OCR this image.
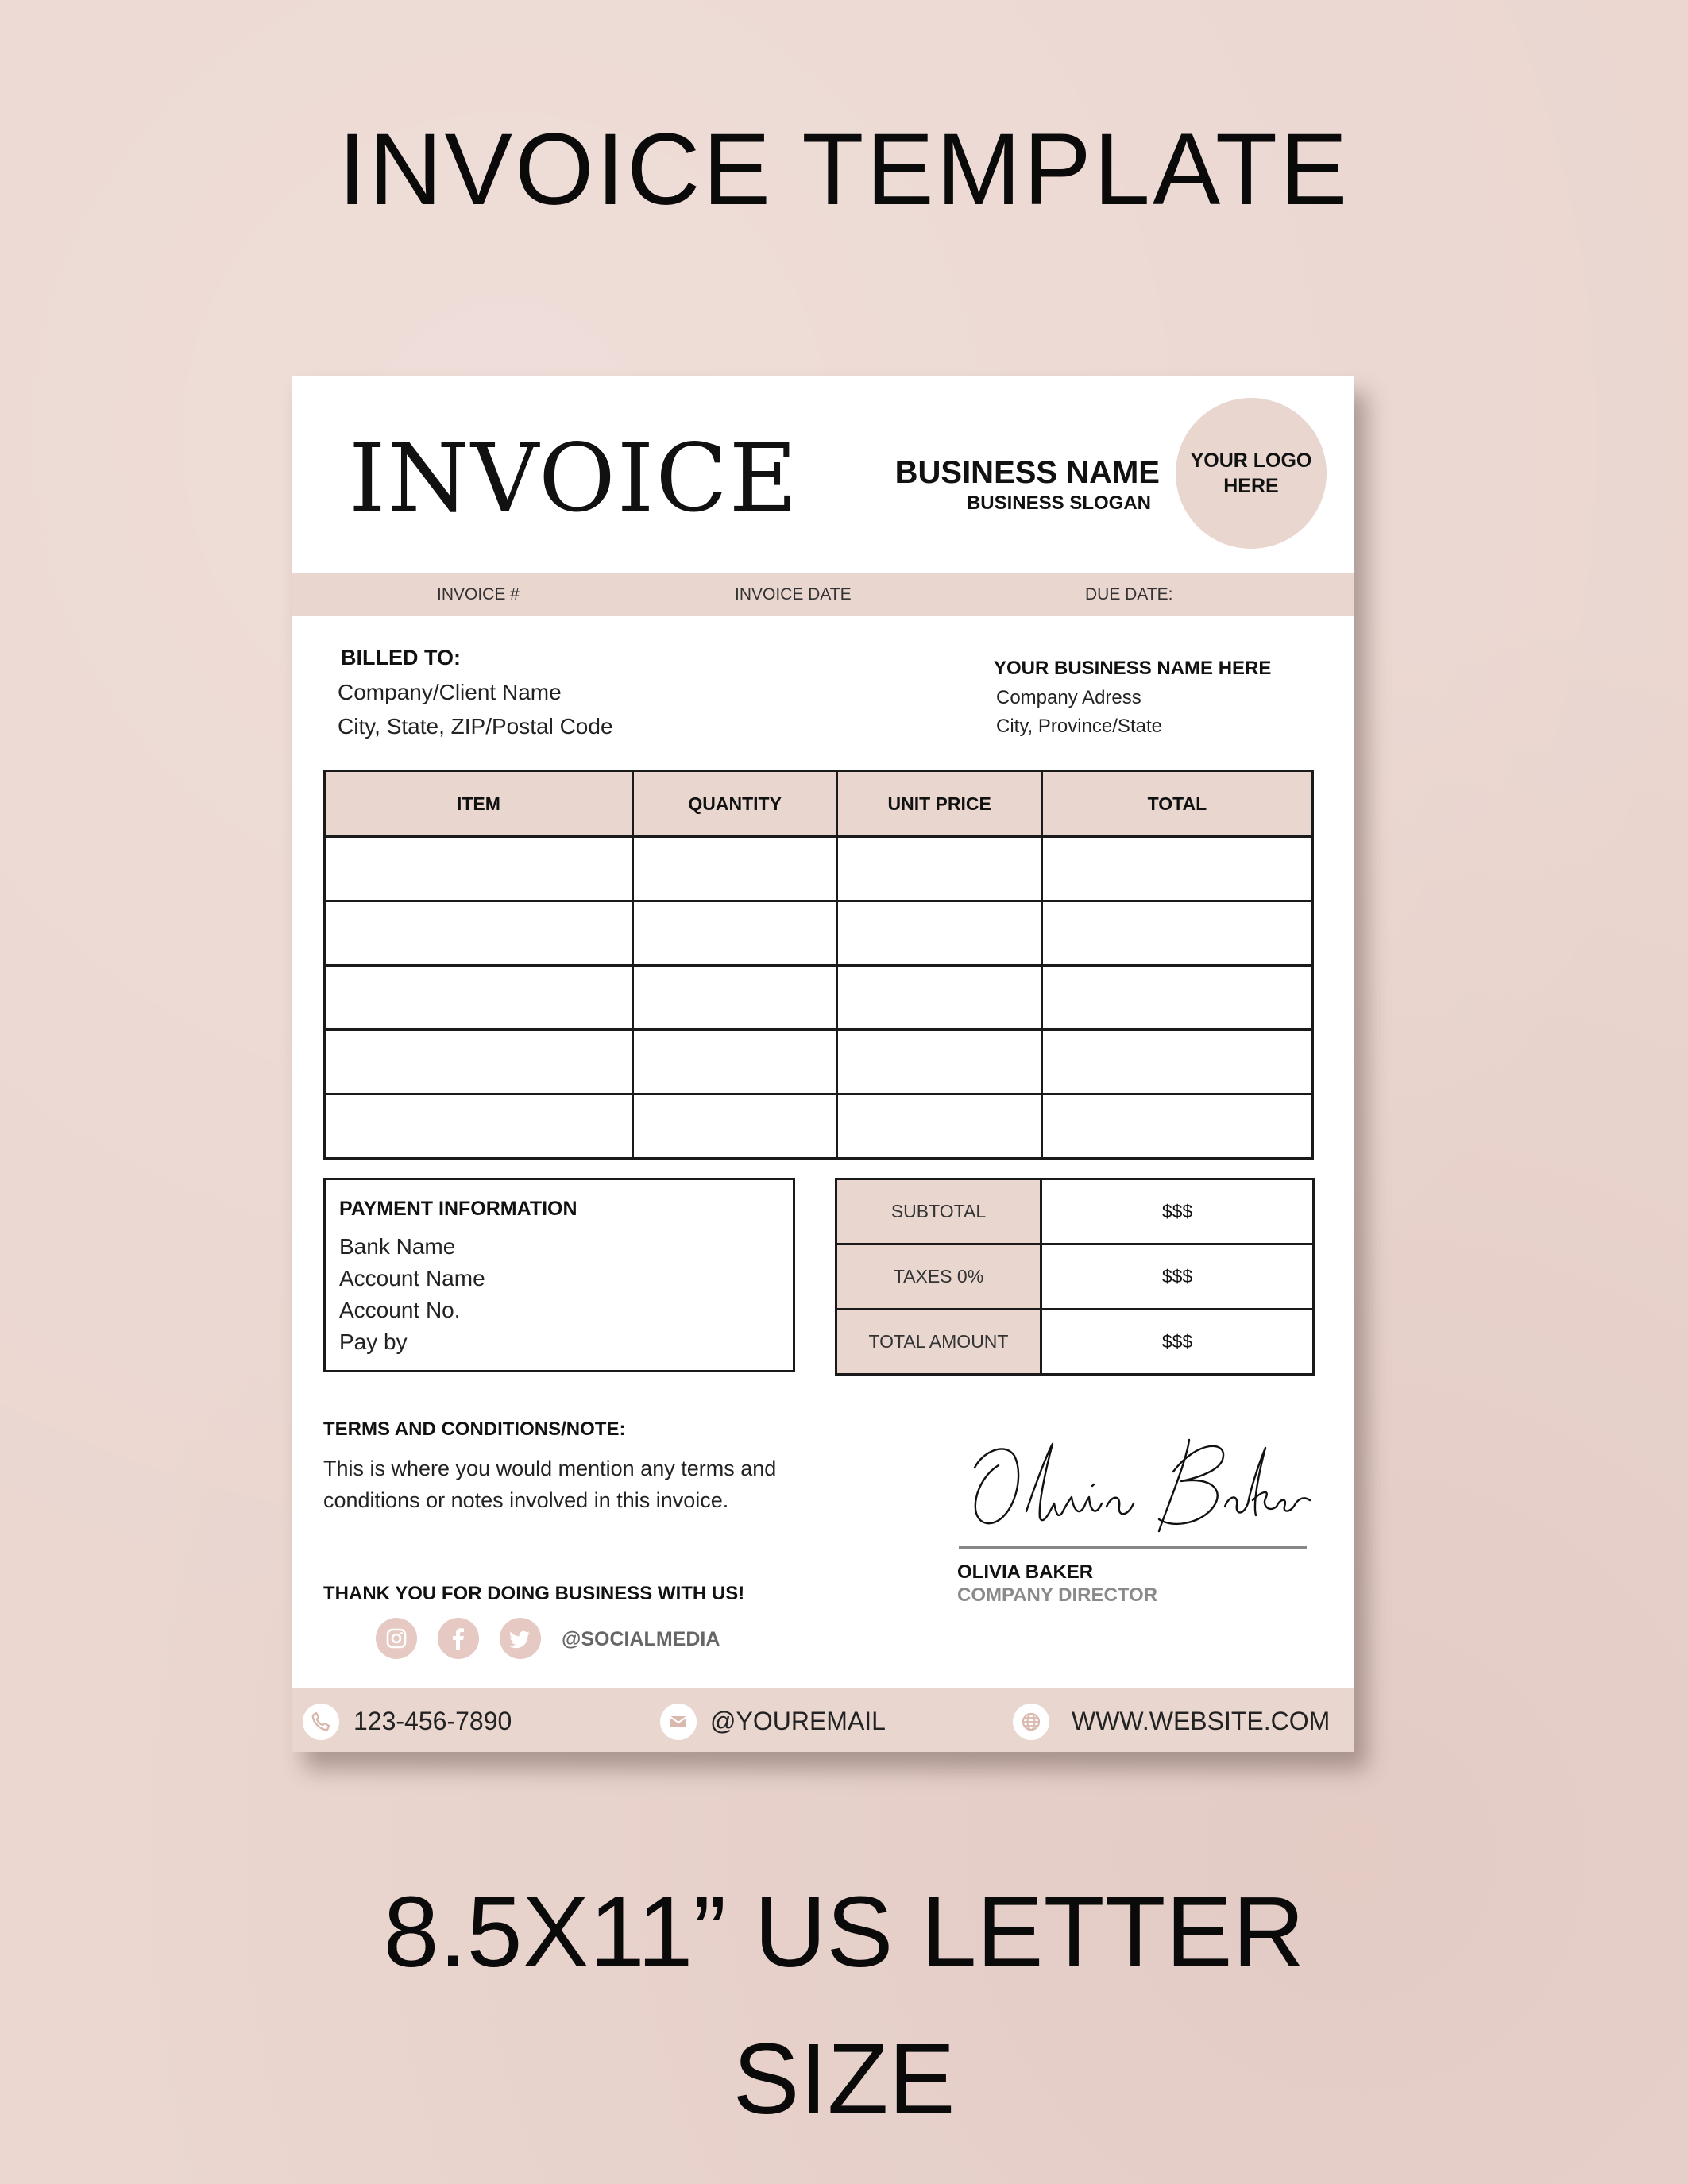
INVOICE TEMPLATE
INVOICE	BUSINESS NAME
BUSINESS SLOGAN
YOUR LOGO
HERE
INVOICE #	INVOICE DATE	DUE DATE:
BILLED TO:
Company/Client Name
City, State, ZIP/Postal Code
YOUR BUSINESS NAME HERE
Company Adress
City, Province/State
ITEM	QUANTITY	UNIT PRICE	TOTAL

PAYMENT INFORMATION
Bank Name
Account Name
Account No.
Pay by
SUBTOTAL	$$$
TAXES 0%	$$$
TOTAL AMOUNT	$$$
TERMS AND CONDITIONS/NOTE:
This is where you would mention any terms and conditions or notes involved in this invoice.
THANK YOU FOR DOING BUSINESS WITH US!
@SOCIALMEDIA
OLIVIA BAKER
COMPANY DIRECTOR
123-456-7890	@YOUREMAIL	WWW.WEBSITE.COM
8.5X11” US LETTER
SIZE
